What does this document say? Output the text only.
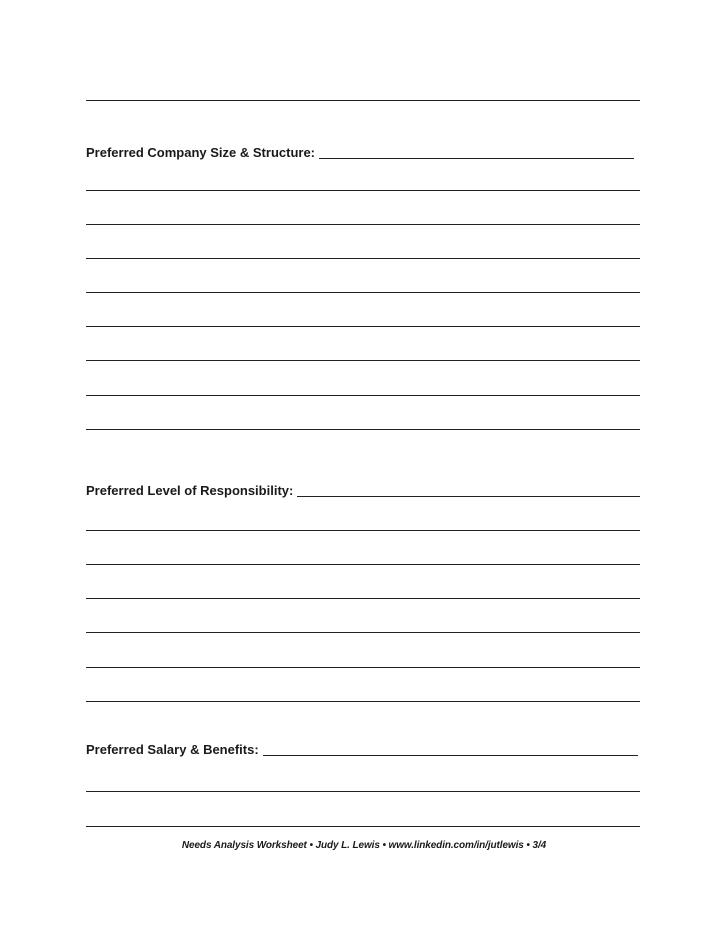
Preferred Company Size & Structure:
Preferred Level of Responsibility:
Preferred Salary & Benefits:
Needs Analysis Worksheet • Judy L. Lewis • www.linkedin.com/in/jutlewis • 3/4
